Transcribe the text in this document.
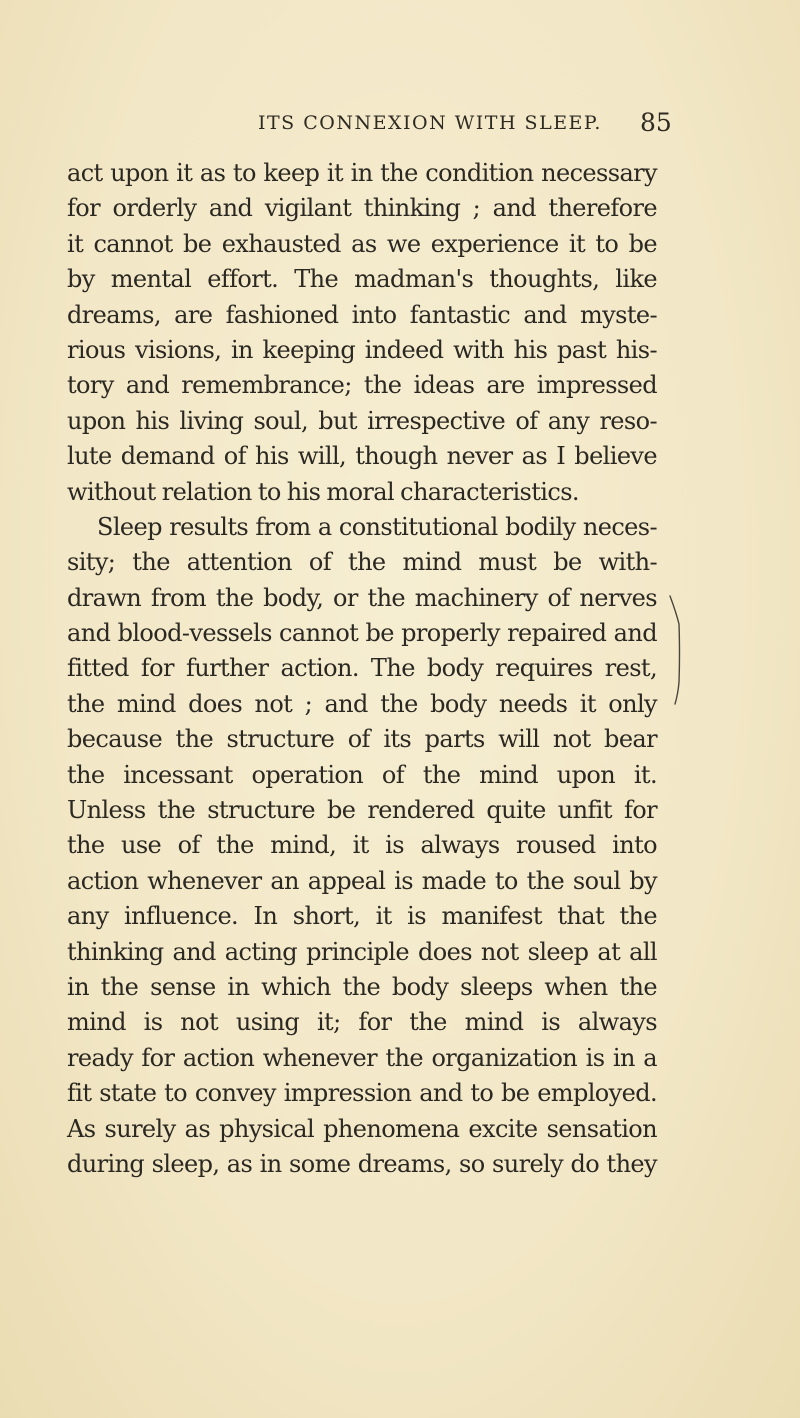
ITS CONNEXION WITH SLEEP. 85
act upon it as to keep it in the condition necessary
for orderly and vigilant thinking ; and therefore
it cannot be exhausted as we experience it to be
by mental effort. The madman's thoughts, like
dreams, are fashioned into fantastic and myste-
rious visions, in keeping indeed with his past his-
tory and remembrance; the ideas are impressed
upon his living soul, but irrespective of any reso-
lute demand of his will, though never as I believe
without relation to his moral characteristics.
Sleep results from a constitutional bodily neces-
sity; the attention of the mind must be with-
drawn from the body, or the machinery of nerves
and blood-vessels cannot be properly repaired and
fitted for further action. The body requires rest,
the mind does not ; and the body needs it only
because the structure of its parts will not bear
the incessant operation of the mind upon it.
Unless the structure be rendered quite unfit for
the use of the mind, it is always roused into
action whenever an appeal is made to the soul by
any influence. In short, it is manifest that the
thinking and acting principle does not sleep at all
in the sense in which the body sleeps when the
mind is not using it; for the mind is always
ready for action whenever the organization is in a
fit state to convey impression and to be employed.
As surely as physical phenomena excite sensation
during sleep, as in some dreams, so surely do they
